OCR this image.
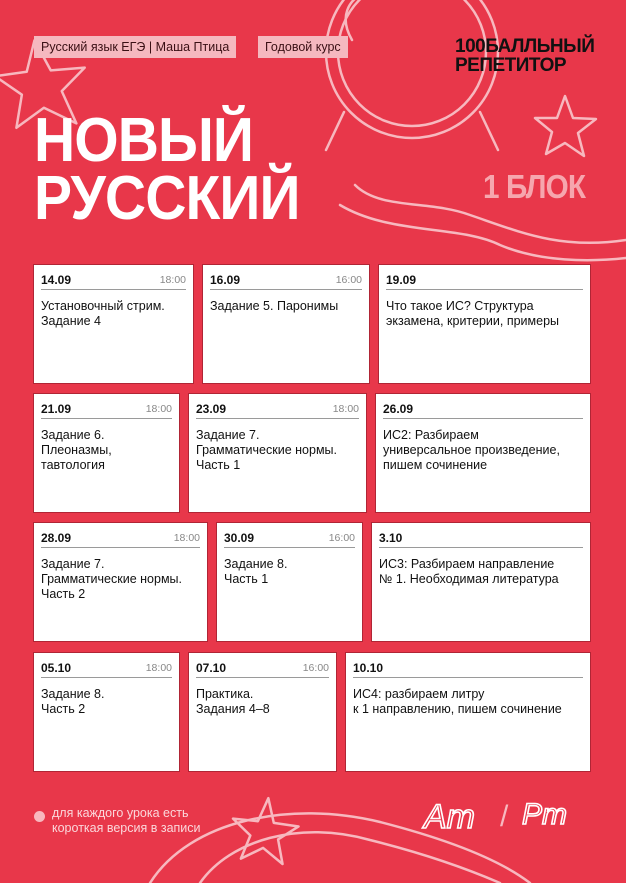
Am / Pm
Русский язык ЕГЭ | Маша Птица	Годовой курс	100БАЛЛЬНЫЙ
РЕПЕТИТОР
НОВЫЙ
РУССКИЙ	1 БЛОК
14.09	18:00
Установочный стрим.
Задание 4
16.09	16:00
Задание 5. Паронимы
19.09
Что такое ИС? Структура
экзамена, критерии, примеры
21.09	18:00
Задание 6.
Плеоназмы,
тавтология
23.09	18:00
Задание 7.
Грамматические нормы.
Часть 1
26.09
ИС2: Разбираем
универсальное произведение,
пишем сочинение
28.09	18:00
Задание 7.
Грамматические нормы.
Часть 2
30.09	16:00
Задание 8.
Часть 1
3.10
ИС3: Разбираем направление
№ 1. Необходимая литература
05.10	18:00
Задание 8.
Часть 2
07.10	16:00
Практика.
Задания 4–8
10.10
ИС4: разбираем литру
к 1 направлению, пишем сочинение
для каждого урока есть
короткая версия в записи
